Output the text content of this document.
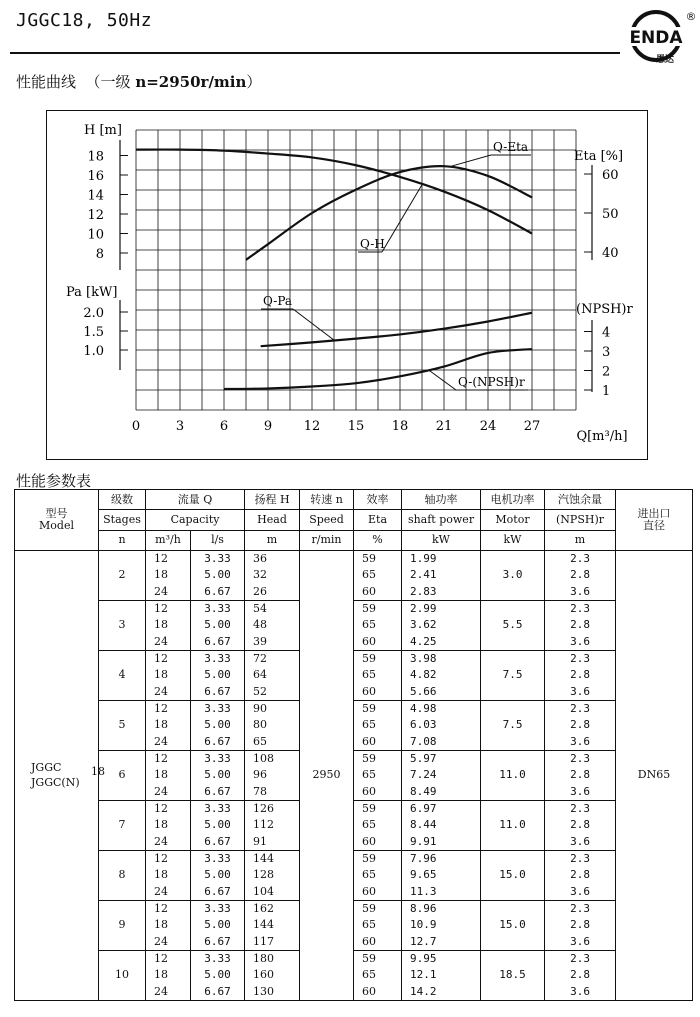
JGGC18, 50Hz
ENDA
恩达
®
性能曲线  （一级 n=2950r/min）
0	3	6	9 12 15 18 21 24 27
Q[m³/h]
H [m]
8
10
12
14
16
18
Pa [kW]
1.0
1.5
2.0
Eta [%]
40
50
60
(NPSH)r
1
2
3
4
Q-Eta
Q-H
Q-Pa
Q-(NPSH)r
性能参数表
型号
Model	级数	流量 Q		扬程 H	转速 n	效率	轴功率	电机功率	汽蚀余量	进出口
直径
	Stages	Capacity		Head	Speed	Eta	shaft power	Motor	(NPSH)r	
	n	m³/h	l/s	m	r/min	%	kW	kW	m	

JGGC
JGGC(N)
18	2	12	3.33	36	2950	59	1.99	3.0	2.3	DN65
		18	5.00	32		65	2.41		2.8	
		24	6.67	26		60	2.83		3.6	
	3	12	3.33	54		59	2.99	5.5	2.3	
		18	5.00	48		65	3.62		2.8	
		24	6.67	39		60	4.25		3.6	
	4	12	3.33	72		59	3.98	7.5	2.3	
		18	5.00	64		65	4.82		2.8	
		24	6.67	52		60	5.66		3.6	
	5	12	3.33	90		59	4.98	7.5	2.3	
		18	5.00	80		65	6.03		2.8	
		24	6.67	65		60	7.08		3.6	
	6	12	3.33	108		59	5.97	11.0	2.3	
		18	5.00	96		65	7.24		2.8	
		24	6.67	78		60	8.49		3.6	
	7	12	3.33	126		59	6.97	11.0	2.3	
		18	5.00	112		65	8.44		2.8	
		24	6.67	91		60	9.91		3.6	
	8	12	3.33	144		59	7.96	15.0	2.3	
		18	5.00	128		65	9.65		2.8	
		24	6.67	104		60	11.3		3.6	
	9	12	3.33	162		59	8.96	15.0	2.3	
		18	5.00	144		65	10.9		2.8	
		24	6.67	117		60	12.7		3.6	
	10	12	3.33	180		59	9.95	18.5	2.3	
		18	5.00	160		65	12.1		2.8	
		24	6.67	130		60	14.2		3.6	
